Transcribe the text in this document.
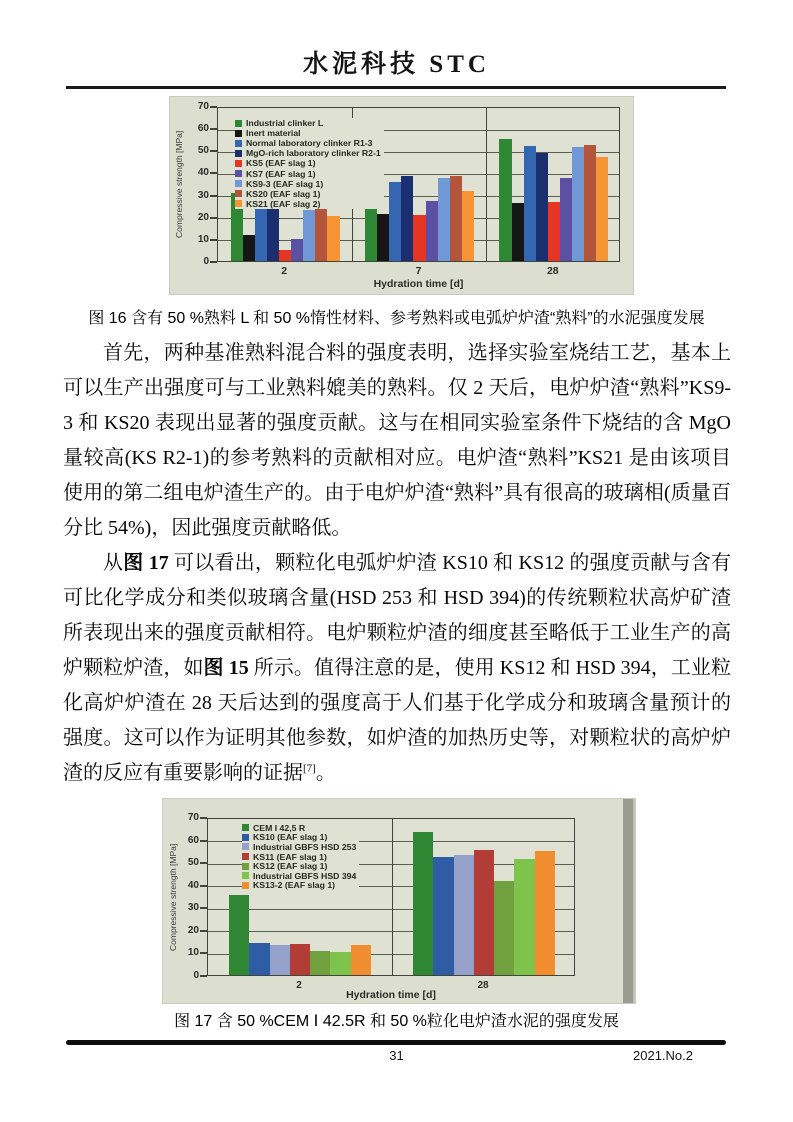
水泥科技 STC
0
10
20
30
40
50
60
70
2	7	28
Hydration time [d]
Compressive strength [MPa]
Industrial clinker L
Inert material
Normal laboratory clinker R1-3
MgO-rich laboratory clinker R2-1
KS5 (EAF slag 1)
KS7 (EAF slag 1)
KS9-3 (EAF slag 1)
KS20 (EAF slag 1)
KS21 (EAF slag 2)
图 16 含有 50 %熟料 L 和 50 %惰性材料、参考熟料或电弧炉炉渣“熟料”的水泥强度发展
首先，两种基准熟料混合料的强度表明，选择实验室烧结工艺，基本上可以生产出强度可与工业熟料媲美的熟料。仅 2 天后，电炉炉渣“熟料”KS9-3 和 KS20 表现出显著的强度贡献。这与在相同实验室条件下烧结的含 MgO 量较高(KS R2-1)的参考熟料的贡献相对应。电炉渣“熟料”KS21 是由该项目使用的第二组电炉渣生产的。由于电炉炉渣“熟料”具有很高的玻璃相(质量百分比 54%)，因此强度贡献略低。
从图 17 可以看出，颗粒化电弧炉炉渣 KS10 和 KS12 的强度贡献与含有可比化学成分和类似玻璃含量(HSD 253 和 HSD 394)的传统颗粒状高炉矿渣所表现出来的强度贡献相符。电炉颗粒炉渣的细度甚至略低于工业生产的高炉颗粒炉渣，如图 15 所示。值得注意的是，使用 KS12 和 HSD 394，工业粒化高炉炉渣在 28 天后达到的强度高于人们基于化学成分和玻璃含量预计的强度。这可以作为证明其他参数，如炉渣的加热历史等，对颗粒状的高炉炉渣的反应有重要影响的证据[7]。
0
10
20
30
40
50
60
70
2	28
Hydration time [d]
Compressive strength [MPa]
CEM I 42,5 R
KS10 (EAF slag 1)
Industrial GBFS HSD 253
KS11 (EAF slag 1)
KS12 (EAF slag 1)
Industrial GBFS HSD 394
KS13-2 (EAF slag 1)
图 17 含 50 %CEM Ⅰ 42.5R 和 50 %粒化电炉渣水泥的强度发展
31	2021.No.2
